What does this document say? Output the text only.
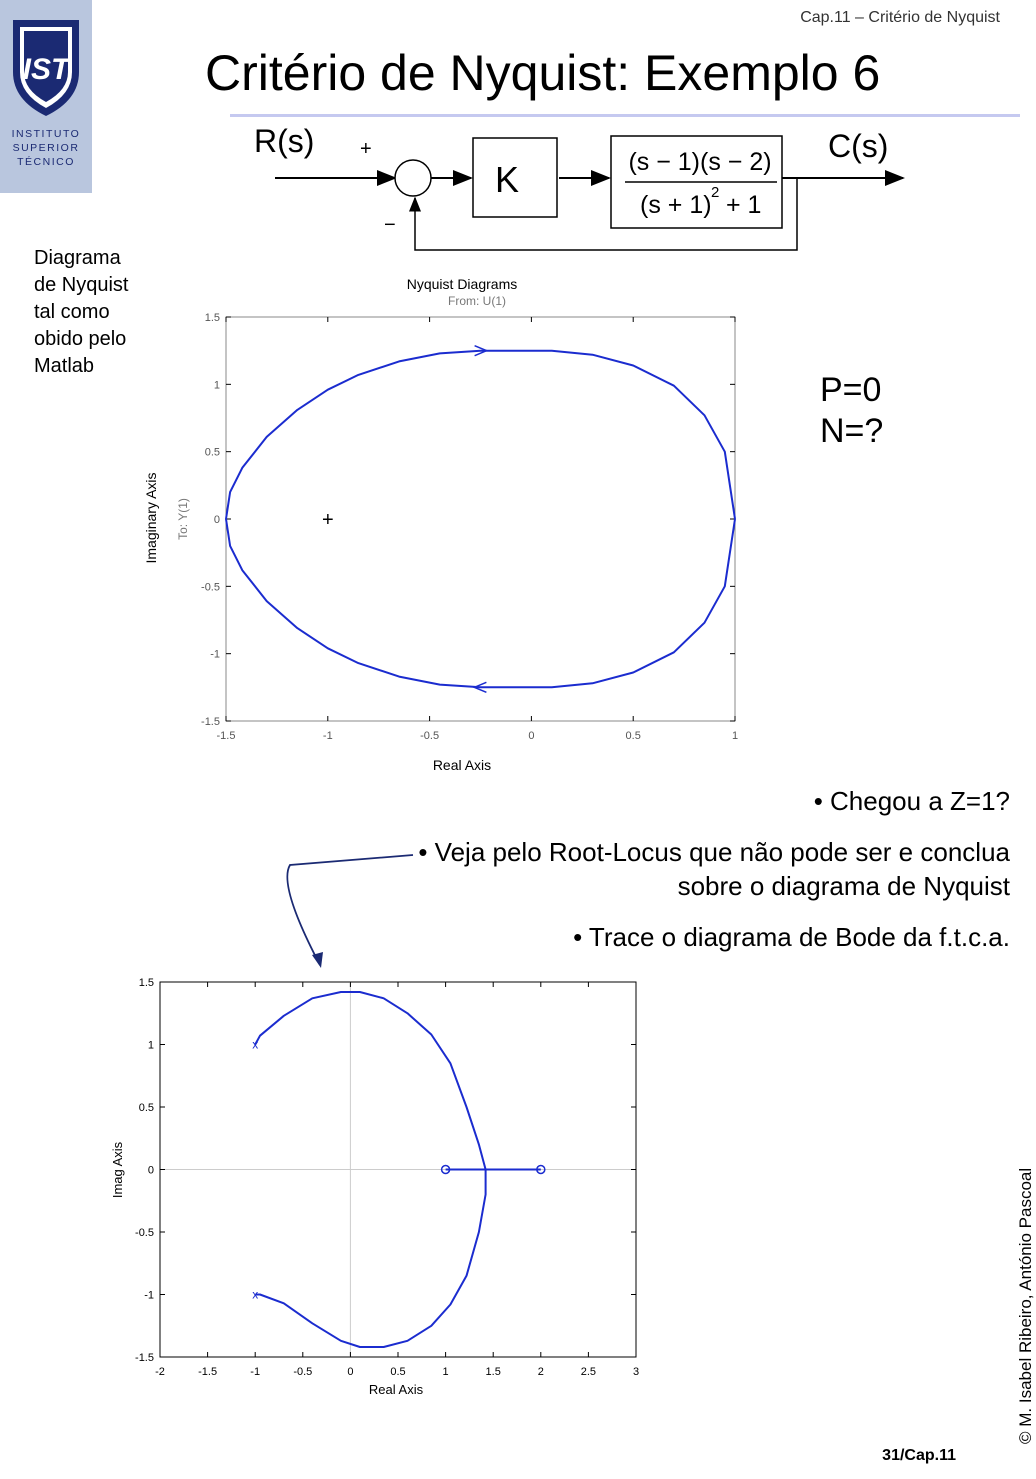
IST
INSTITUTO
SUPERIOR
TÉCNICO
Cap.11 – Critério de Nyquist
Critério de Nyquist: Exemplo 6
R(s)	C(s)
+
−
K	(s − 1)(s − 2)
(s + 1) 2 + 1
Diagrama
de Nyquist
tal como
obido pelo
Matlab
Nyquist Diagrams
From: U(1)
Real Axis
Imaginary Axis To: Y(1)
-1.5	-1	-0.5	0	0.5	1
1.5
1
0.5
0
-0.5
-1
-1.5
+
P=0
N=?
• Chegou a Z=1?
• Veja pelo Root-Locus que não pode ser e conclua sobre o diagrama de Nyquist
• Trace o diagrama de Bode da f.t.c.a.
Real Axis
Imag Axis
-2	-1.5	-1	-0.5	0	0.5	1	1.5	2	2.5	3
1.5
1
0.5
0
-0.5
-1
-1.5
x
x	© M. Isabel Ribeiro, António Pascoal
31/Cap.11
